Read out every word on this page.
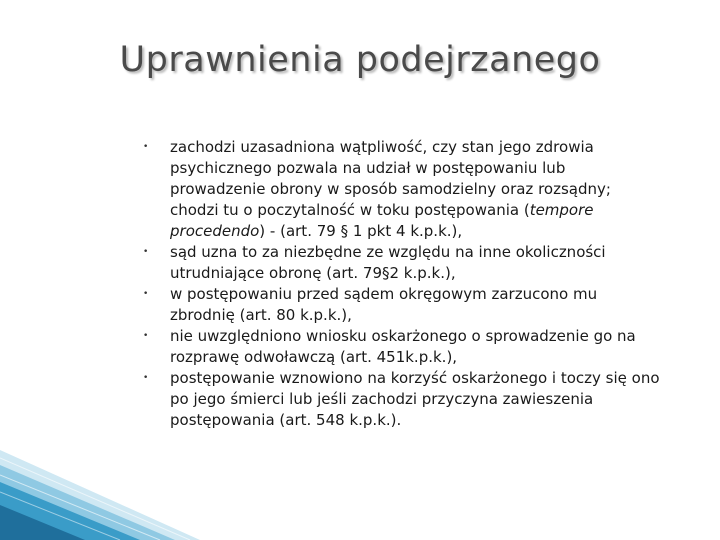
Uprawnienia podejrzanego
•	zachodzi uzasadniona wątpliwość, czy stan jego zdrowia psychicznego pozwala na udział w postępowaniu lub prowadzenie obrony w sposób samodzielny oraz rozsądny; chodzi tu o poczytalność w toku postępowania (tempore procedendo) - (art. 79 § 1 pkt 4 k.p.k.),
•	sąd uzna to za niezbędne ze względu na inne okoliczności utrudniające obronę (art. 79§2 k.p.k.),
•	w postępowaniu przed sądem okręgowym zarzucono mu zbrodnię (art. 80 k.p.k.),
•	nie uwzględniono wniosku oskarżonego o sprowadzenie go na rozprawę odwoławczą (art. 451k.p.k.),
•	postępowanie wznowiono na korzyść oskarżonego i toczy się ono po jego śmierci lub jeśli zachodzi przyczyna zawieszenia postępowania (art. 548 k.p.k.).
